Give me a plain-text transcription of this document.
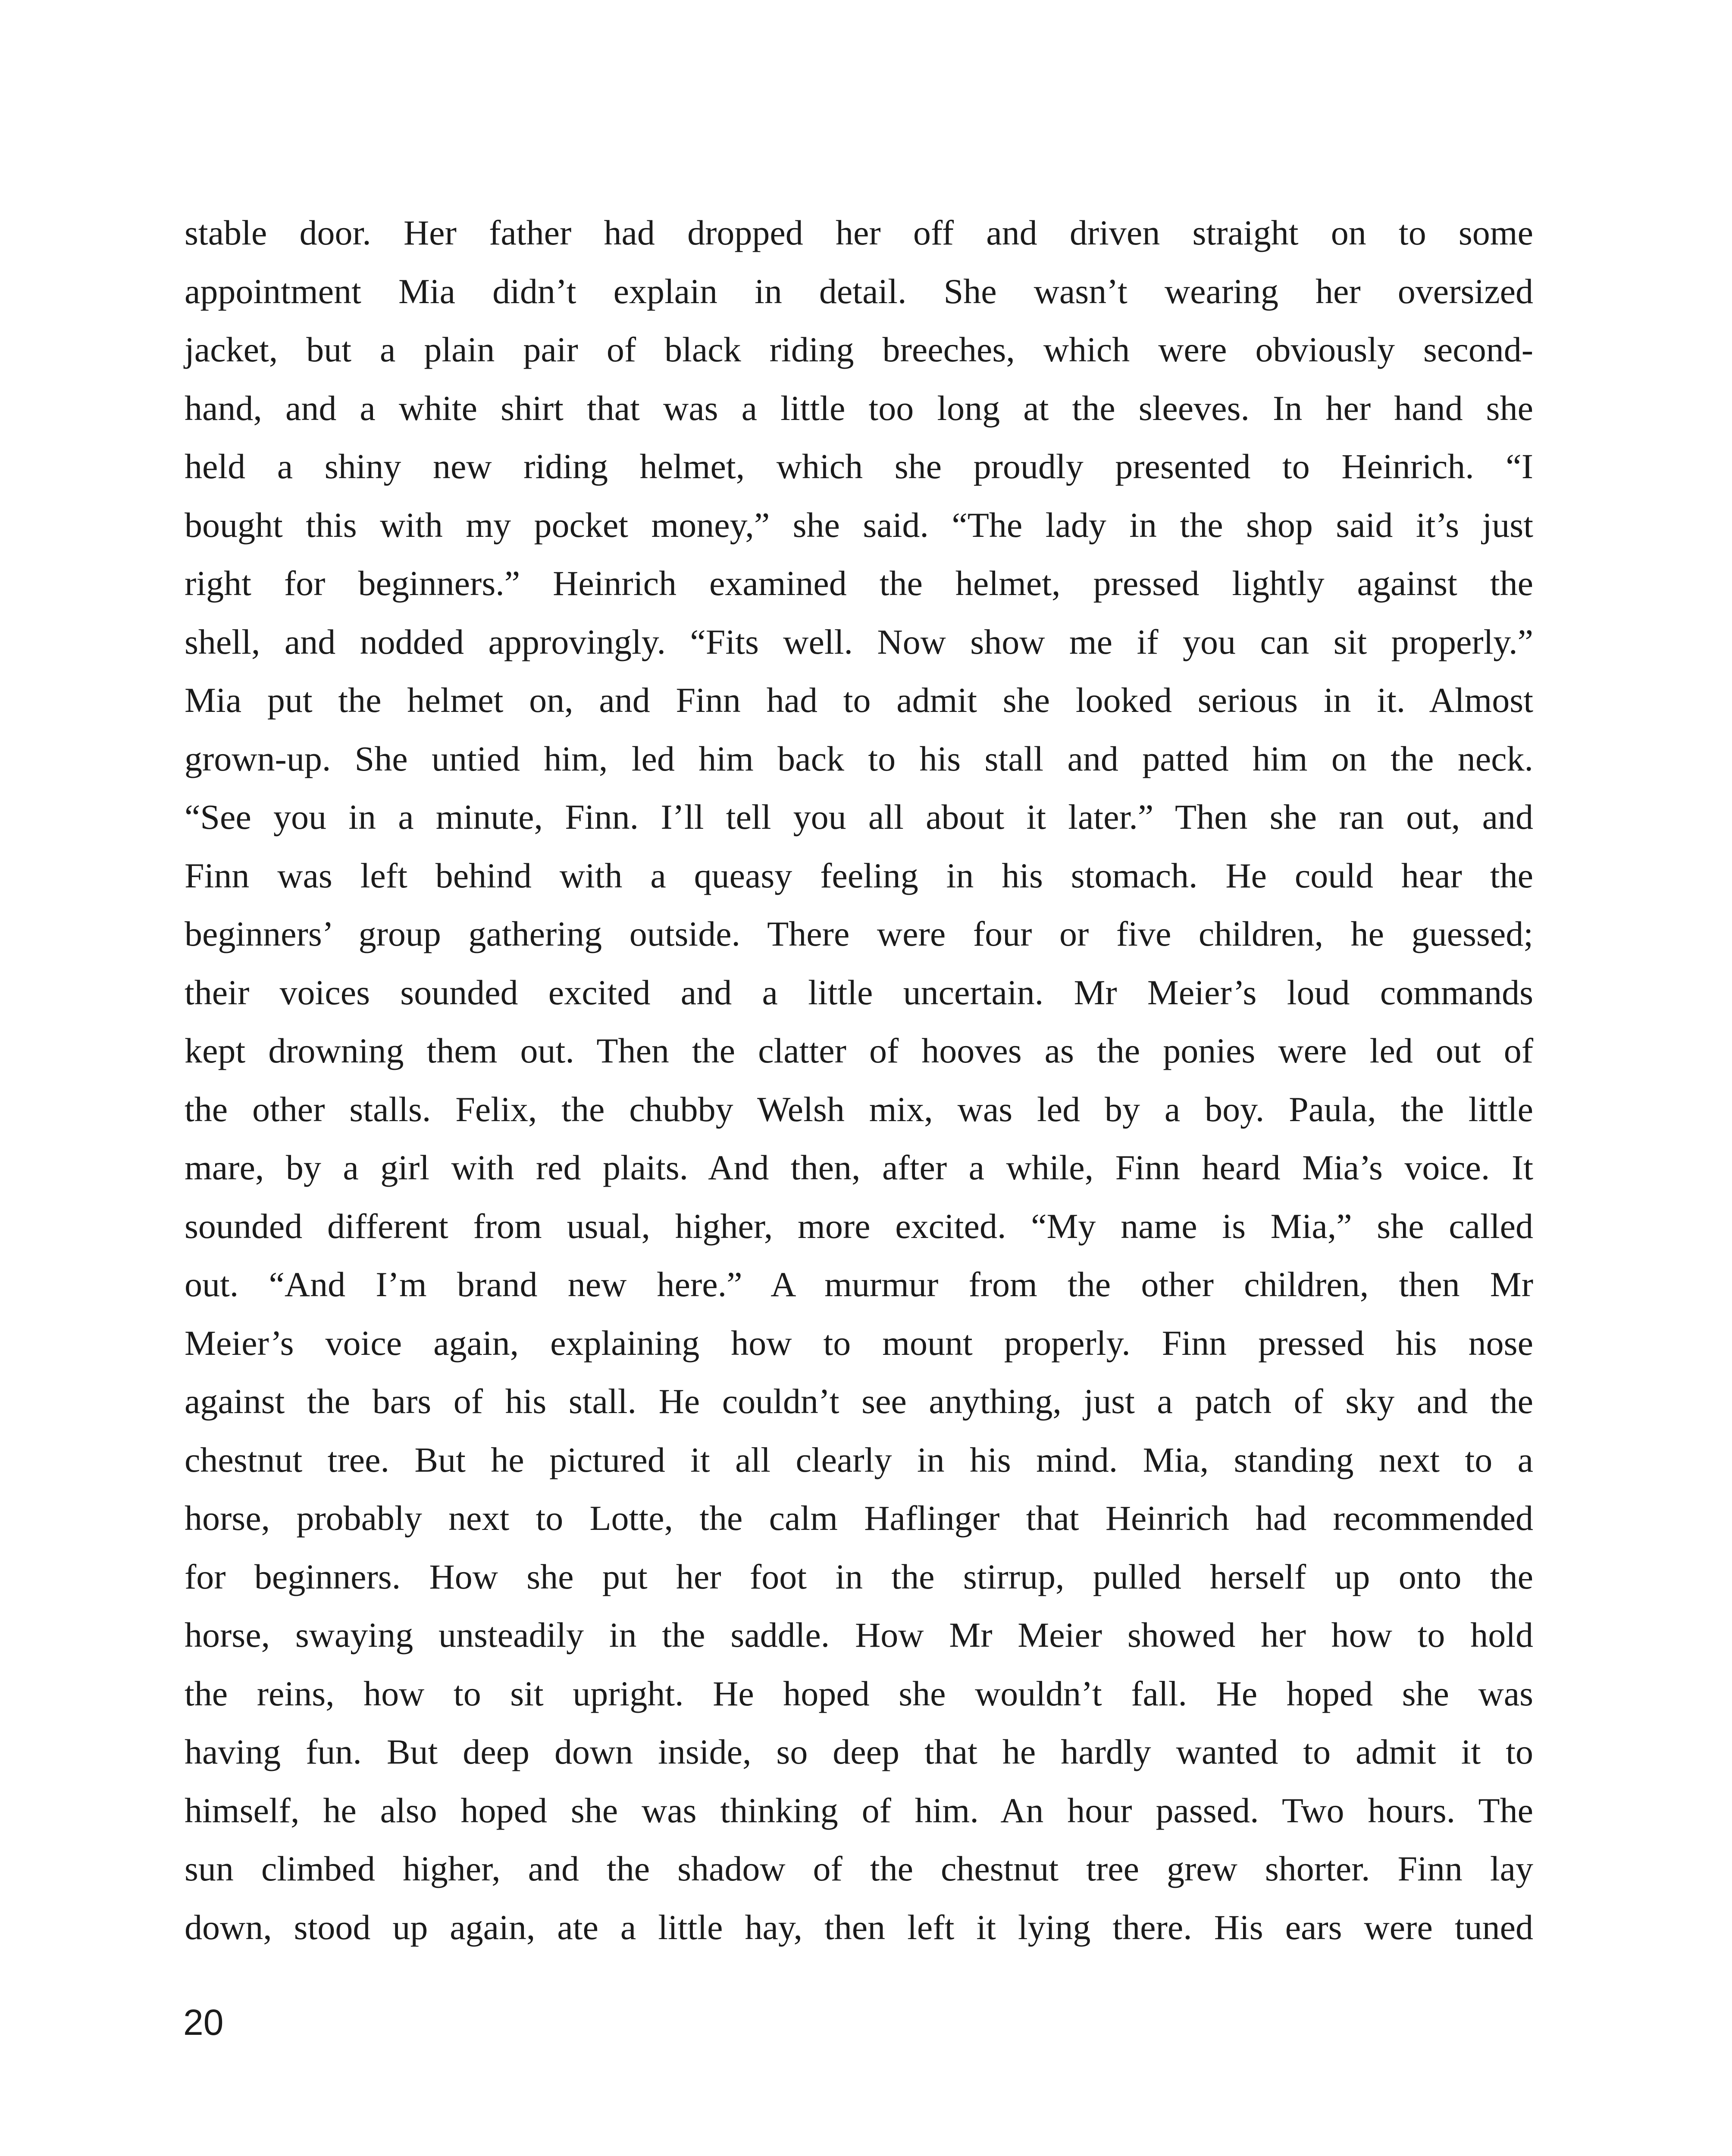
stable door. Her father had dropped her off and driven straight on to some
appointment Mia didn’t explain in detail. She wasn’t wearing her oversized
jacket, but a plain pair of black riding breeches, which were obviously second-
hand, and a white shirt that was a little too long at the sleeves. In her hand she
held a shiny new riding helmet, which she proudly presented to Heinrich. “I
bought this with my pocket money,” she said. “The lady in the shop said it’s just
right for beginners.” Heinrich examined the helmet, pressed lightly against the
shell, and nodded approvingly. “Fits well. Now show me if you can sit properly.”
Mia put the helmet on, and Finn had to admit she looked serious in it. Almost
grown-up. She untied him, led him back to his stall and patted him on the neck.
“See you in a minute, Finn. I’ll tell you all about it later.” Then she ran out, and
Finn was left behind with a queasy feeling in his stomach. He could hear the
beginners’ group gathering outside. There were four or five children, he guessed;
their voices sounded excited and a little uncertain. Mr Meier’s loud commands
kept drowning them out. Then the clatter of hooves as the ponies were led out of
the other stalls. Felix, the chubby Welsh mix, was led by a boy. Paula, the little
mare, by a girl with red plaits. And then, after a while, Finn heard Mia’s voice. It
sounded different from usual, higher, more excited. “My name is Mia,” she called
out. “And I’m brand new here.” A murmur from the other children, then Mr
Meier’s voice again, explaining how to mount properly. Finn pressed his nose
against the bars of his stall. He couldn’t see anything, just a patch of sky and the
chestnut tree. But he pictured it all clearly in his mind. Mia, standing next to a
horse, probably next to Lotte, the calm Haflinger that Heinrich had recommended
for beginners. How she put her foot in the stirrup, pulled herself up onto the
horse, swaying unsteadily in the saddle. How Mr Meier showed her how to hold
the reins, how to sit upright. He hoped she wouldn’t fall. He hoped she was
having fun. But deep down inside, so deep that he hardly wanted to admit it to
himself, he also hoped she was thinking of him. An hour passed. Two hours. The
sun climbed higher, and the shadow of the chestnut tree grew shorter. Finn lay
down, stood up again, ate a little hay, then left it lying there. His ears were tuned
20
